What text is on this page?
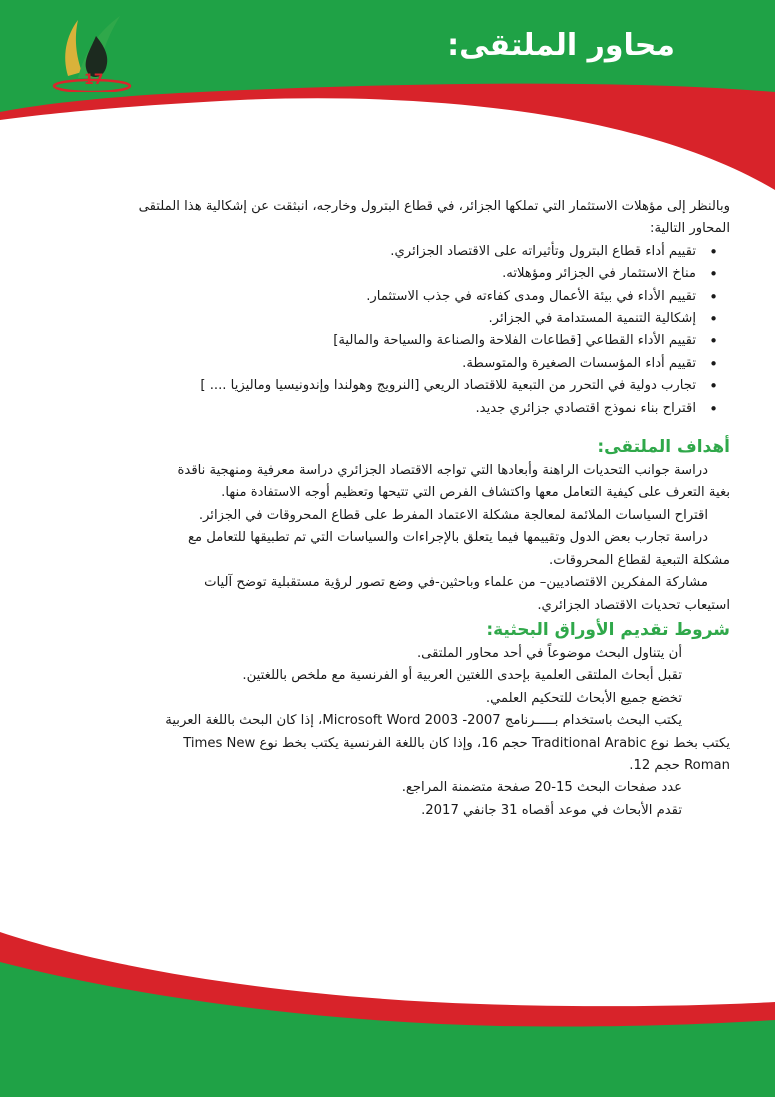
17
محاور الملتقى:

وبالنظر إلى مؤهلات الاستثمار التي تملكها الجزائر، في قطاع البترول وخارجه، انبثقت عن إشكالية هذا الملتقى

المحاور التالية:

• تقييم أداء قطاع البترول وتأثيراته على الاقتصاد الجزائري.
• مناخ الاستثمار في الجزائر ومؤهلاته.
• تقييم الأداء في بيئة الأعمال ومدى كفاءته في جذب الاستثمار.
• إشكالية التنمية المستدامة في الجزائر.
• تقييم الأداء القطاعي [قطاعات الفلاحة والصناعة والسياحة والمالية]
• تقييم أداء المؤسسات الصغيرة والمتوسطة.
• تجارب دولية في التحرر من التبعية للاقتصاد الريعي [النرويج وهولندا وإندونيسيا وماليزيا .... ]
• اقتراح بناء نموذج اقتصادي جزائري جديد.
أهداف الملتقى:

دراسة جوانب التحديات الراهنة وأبعادها التي تواجه الاقتصاد الجزائري دراسة معرفية ومنهجية ناقدة

بغية التعرف على كيفية التعامل معها واكتشاف الفرص التي تتيحها وتعظيم أوجه الاستفادة منها.

اقتراح السياسات الملائمة لمعالجة مشكلة الاعتماد المفرط على قطاع المحروقات في الجزائر.

دراسة تجارب بعض الدول وتقييمها فيما يتعلق بالإجراءات والسياسات التي تم تطبيقها للتعامل مع

مشكلة التبعية لقطاع المحروقات.

مشاركة المفكرين الاقتصاديين– من علماء وباحثين-في وضع تصور لرؤية مستقبلية توضح آليات

استيعاب تحديات الاقتصاد الجزائري.

شروط تقديم الأوراق البحثية:

أن يتناول البحث موضوعاً في أحد محاور الملتقى.

تقبل أبحاث الملتقى العلمية بإحدى اللغتين العربية أو الفرنسية مع ملخص باللغتين.

تخضع جميع الأبحاث للتحكيم العلمي.

يكتب البحث باستخدام بـــــرنامج Microsoft Word 2003 -2007، إذا كان البحث باللغة العربية

يكتب بخط نوع Traditional Arabic حجم 16، وإذا كان باللغة الفرنسية يكتب بخط نوع Times New

Roman حجم 12.

عدد صفحات البحث 15-20 صفحة متضمنة المراجع.

تقدم الأبحاث في موعد أقصاه 31 جانفي 2017.
